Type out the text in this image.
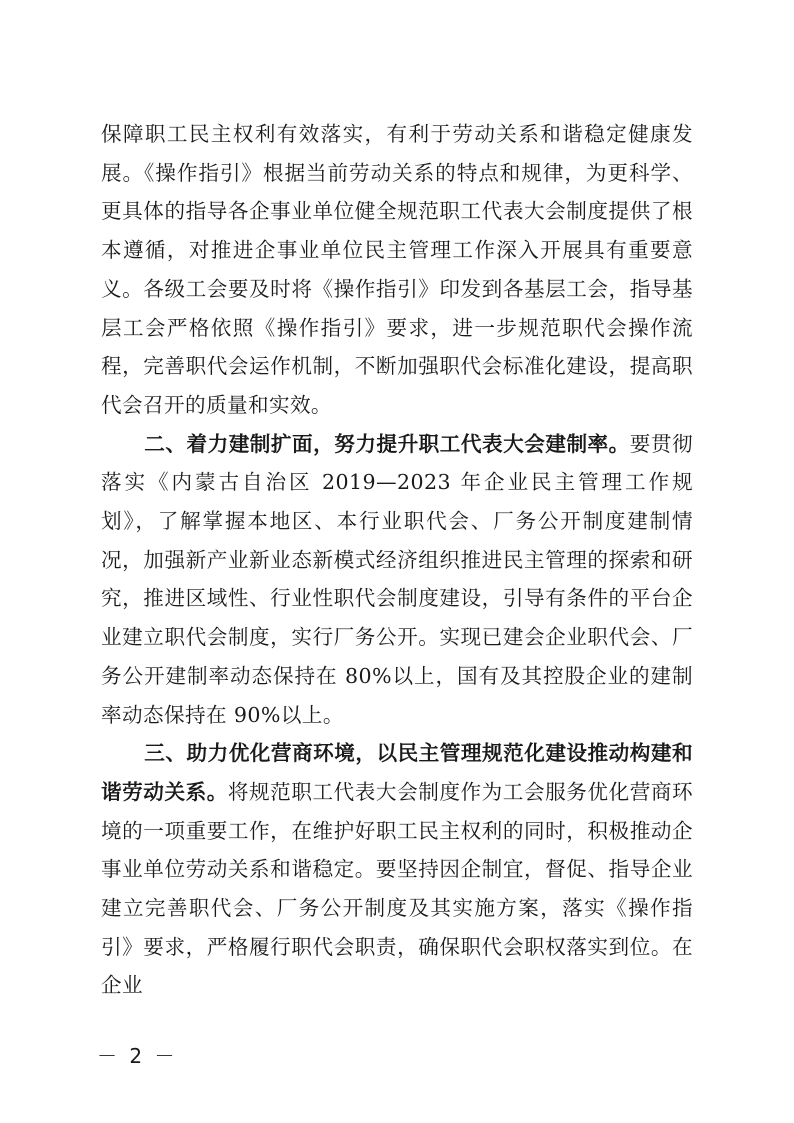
保障职工民主权利有效落实，有利于劳动关系和谐稳定健康发展。《操作指引》根据当前劳动关系的特点和规律，为更科学、更具体的指导各企事业单位健全规范职工代表大会制度提供了根本遵循，对推进企事业单位民主管理工作深入开展具有重要意义。各级工会要及时将《操作指引》印发到各基层工会，指导基层工会严格依照《操作指引》要求，进一步规范职代会操作流程，完善职代会运作机制，不断加强职代会标准化建设，提高职代会召开的质量和实效。

二、着力建制扩面，努力提升职工代表大会建制率。要贯彻落实《内蒙古自治区 2019—2023 年企业民主管理工作规划》，了解掌握本地区、本行业职代会、厂务公开制度建制情况，加强新产业新业态新模式经济组织推进民主管理的探索和研究，推进区域性、行业性职代会制度建设，引导有条件的平台企业建立职代会制度，实行厂务公开。实现已建会企业职代会、厂务公开建制率动态保持在 80%以上，国有及其控股企业的建制率动态保持在 90%以上。

三、助力优化营商环境，以民主管理规范化建设推动构建和谐劳动关系。将规范职工代表大会制度作为工会服务优化营商环境的一项重要工作，在维护好职工民主权利的同时，积极推动企事业单位劳动关系和谐稳定。要坚持因企制宜，督促、指导企业建立完善职代会、厂务公开制度及其实施方案，落实《操作指引》要求，严格履行职代会职责，确保职代会职权落实到位。在企业

－ 2 －
